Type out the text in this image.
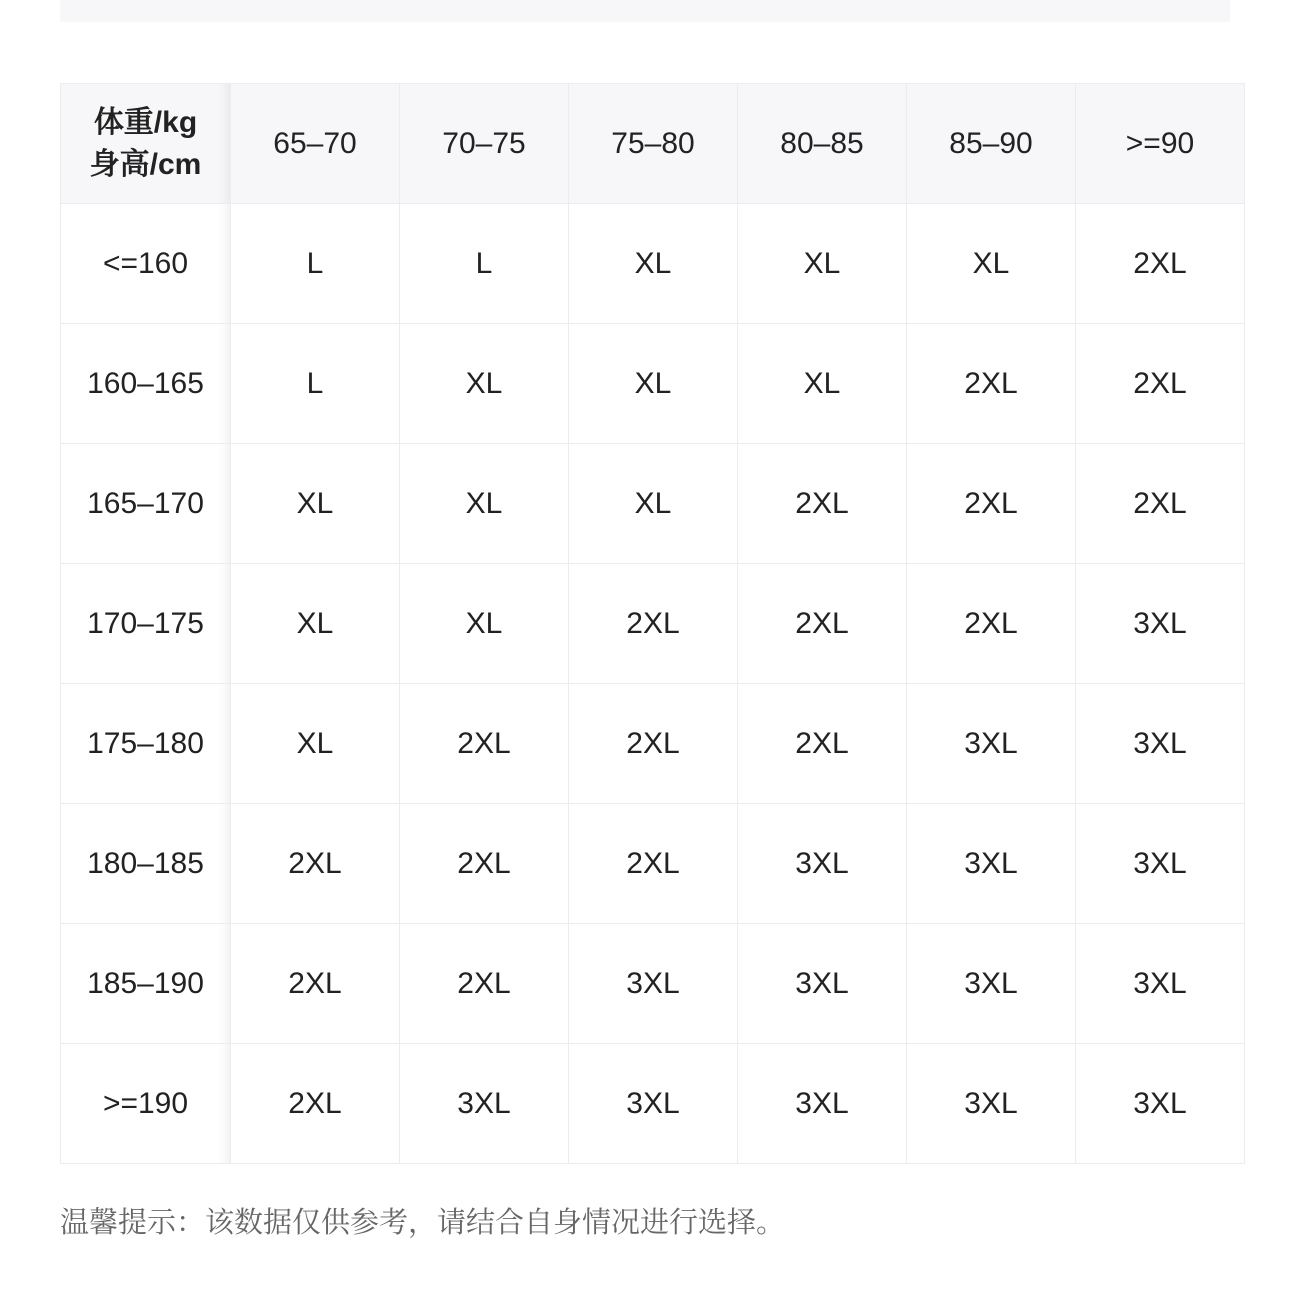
体重/kg
身高/cm	65–70	70–75	75–80	80–85	85–90	>=90
<=160	L	L	XL	XL	XL	2XL
160–165	L	XL	XL	XL	2XL	2XL
165–170	XL	XL	XL	2XL	2XL	2XL
170–175	XL	XL	2XL	2XL	2XL	3XL
175–180	XL	2XL	2XL	2XL	3XL	3XL
180–185	2XL	2XL	2XL	3XL	3XL	3XL
185–190	2XL	2XL	3XL	3XL	3XL	3XL
>=190	2XL	3XL	3XL	3XL	3XL	3XL
温馨提示：该数据仅供参考，请结合自身情况进行选择。
